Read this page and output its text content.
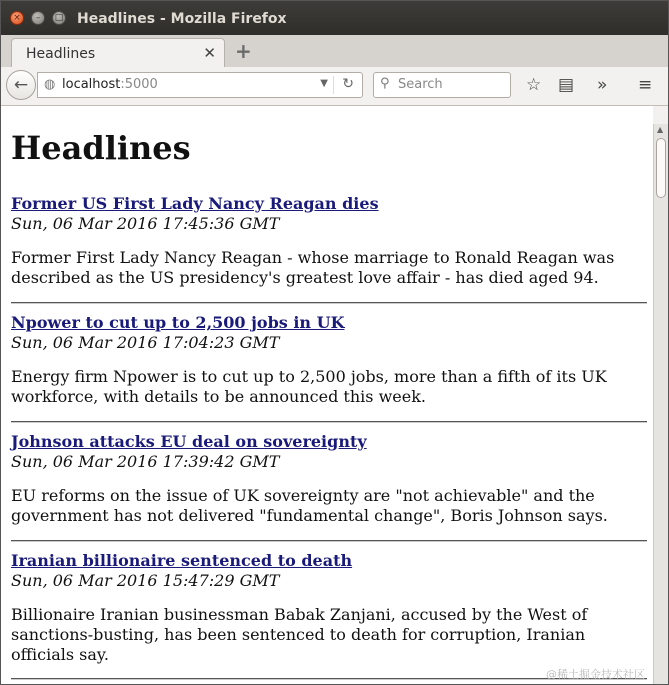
×	–	□ Headlines - Mozilla Firefox
Headlines	✕ +
←	◍ localhost:5000	▼ ↻ ⚲ Search	☆ ▤ » ≡
Headlines
Former US First Lady Nancy Reagan dies
Sun, 06 Mar 2016 17:45:36 GMT
Former First Lady Nancy Reagan - whose marriage to Ronald Reagan was described as the US presidency's greatest love affair - has died aged 94.
Npower to cut up to 2,500 jobs in UK
Sun, 06 Mar 2016 17:04:23 GMT
Energy firm Npower is to cut up to 2,500 jobs, more than a fifth of its UK workforce, with details to be announced this week.
Johnson attacks EU deal on sovereignty
Sun, 06 Mar 2016 17:39:42 GMT
EU reforms on the issue of UK sovereignty are "not achievable" and the government has not delivered "fundamental change", Boris Johnson says.
Iranian billionaire sentenced to death
Sun, 06 Mar 2016 15:47:29 GMT
Billionaire Iranian businessman Babak Zanjani, accused by the West of sanctions-busting, has been sentenced to death for corruption, Iranian officials say.
@稀土掘金技术社区
▲
